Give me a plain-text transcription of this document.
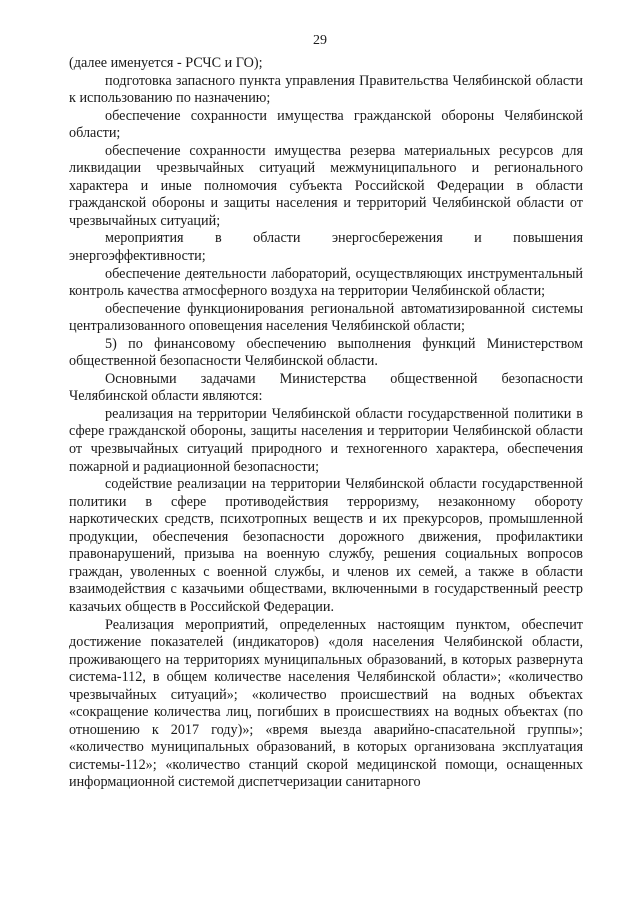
29

(далее именуется - РСЧС и ГО);

подготовка запасного пункта управления Правительства Челябинской области к использованию по назначению;

обеспечение сохранности имущества гражданской обороны Челябинской области;

обеспечение сохранности имущества резерва материальных ресурсов для ликвидации чрезвычайных ситуаций межмуниципального и регионального характера и иные полномочия субъекта Российской Федерации в области гражданской обороны и защиты населения и территорий Челябинской области от чрезвычайных ситуаций;

мероприятия в области энергосбережения и повышения энергоэффективности;

обеспечение деятельности лабораторий, осуществляющих инструментальный контроль качества атмосферного воздуха на территории Челябинской области;

обеспечение функционирования региональной автоматизированной системы централизованного оповещения населения Челябинской области;

5) по финансовому обеспечению выполнения функций Министерством общественной безопасности Челябинской области.

Основными задачами Министерства общественной безопасности Челябинской области являются:

реализация на территории Челябинской области государственной политики в сфере гражданской обороны, защиты населения и территории Челябинской области от чрезвычайных ситуаций природного и техногенного характера, обеспечения пожарной и радиационной безопасности;

содействие реализации на территории Челябинской области государственной политики в сфере противодействия терроризму, незаконному обороту наркотических средств, психотропных веществ и их прекурсоров, промышленной продукции, обеспечения безопасности дорожного движения, профилактики правонарушений, призыва на военную службу, решения социальных вопросов граждан, уволенных с военной службы, и членов их семей, а также в области взаимодействия с казачьими обществами, включенными в государственный реестр казачьих обществ в Российской Федерации.

Реализация мероприятий, определенных настоящим пунктом, обеспечит достижение показателей (индикаторов) «доля населения Челябинской области, проживающего на территориях муниципальных образований, в которых развернута система-112, в общем количестве населения Челябинской области»; «количество чрезвычайных ситуаций»; «количество происшествий на водных объектах «сокращение количества лиц, погибших в происшествиях на водных объектах (по отношению к 2017 году)»; «время выезда аварийно-спасательной группы»; «количество муниципальных образований, в которых организована эксплуатация системы-112»; «количество станций скорой медицинской помощи, оснащенных информационной системой диспетчеризации санитарного
